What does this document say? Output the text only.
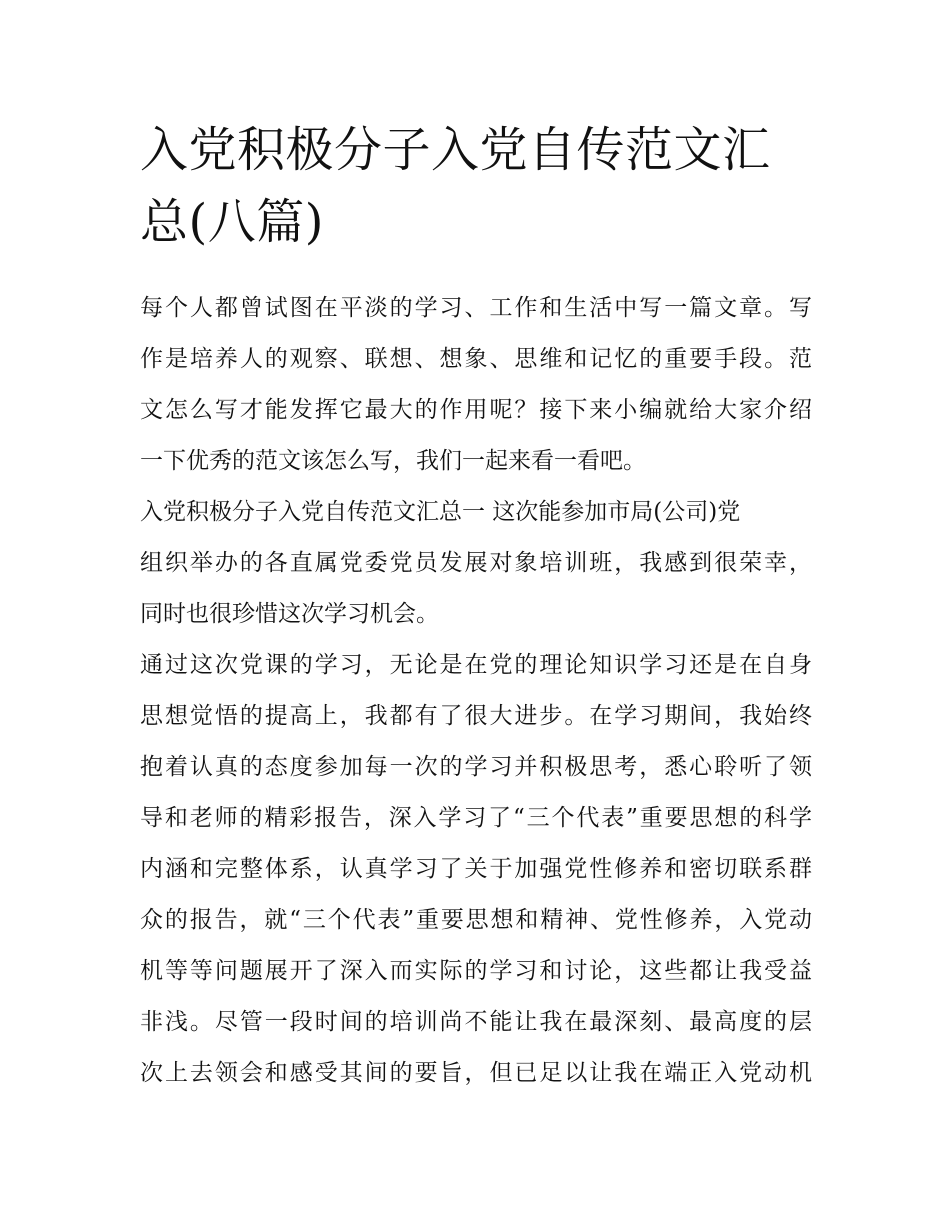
入党积极分子入党自传范文汇
总(八篇)
每个人都曾试图在平淡的学习、工作和生活中写一篇文章。写
作是培养人的观察、联想、想象、思维和记忆的重要手段。范
文怎么写才能发挥它最大的作用呢？接下来小编就给大家介绍
一下优秀的范文该怎么写，我们一起来看一看吧。
入党积极分子入党自传范文汇总一 这次能参加市局(公司)党
组织举办的各直属党委党员发展对象培训班，我感到很荣幸，
同时也很珍惜这次学习机会。
通过这次党课的学习，无论是在党的理论知识学习还是在自身
思想觉悟的提高上，我都有了很大进步。在学习期间，我始终
抱着认真的态度参加每一次的学习并积极思考，悉心聆听了领
导和老师的精彩报告，深入学习了“三个代表”重要思想的科学
内涵和完整体系，认真学习了关于加强党性修养和密切联系群
众的报告，就“三个代表”重要思想和精神、党性修养，入党动
机等等问题展开了深入而实际的学习和讨论，这些都让我受益
非浅。尽管一段时间的培训尚不能让我在最深刻、最高度的层
次上去领会和感受其间的要旨，但已足以让我在端正入党动机
